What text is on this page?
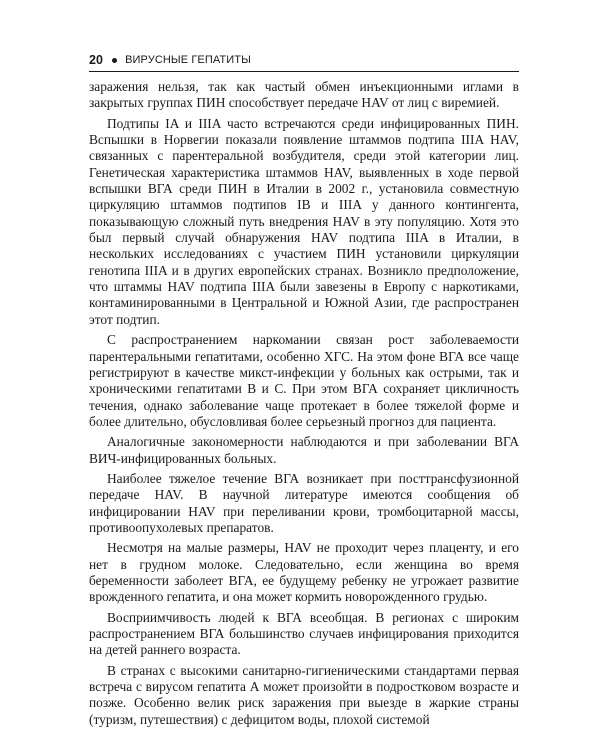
20 ВИРУСНЫЕ ГЕПАТИТЫ

заражения нельзя, так как частый обмен инъекционными иглами в закрытых группах ПИН способствует передаче HAV от лиц с виремией.

Подтипы IA и IIIA часто встречаются среди инфицированных ПИН. Вспышки в Норвегии показали появление штаммов подтипа IIIA HAV, связанных с парентеральной возбудителя, среди этой категории лиц. Генетическая характеристика штаммов HAV, выявленных в ходе первой вспышки ВГА среди ПИН в Италии в 2002 г., установила совместную циркуляцию штаммов подтипов IB и IIIA у данного контингента, показывающую сложный путь внедрения HAV в эту популяцию. Хотя это был первый случай обнаружения HAV подтипа IIIA в Италии, в нескольких исследованиях с участием ПИН установили циркуляции генотипа IIIA и в других европейских странах. Возникло предположение, что штаммы HAV подтипа IIIA были завезены в Европу с наркотиками, контаминированными в Центральной и Южной Азии, где распространен этот подтип.

С распространением наркомании связан рост заболеваемости парентеральными гепатитами, особенно ХГС. На этом фоне ВГА все чаще регистрируют в качестве микст-инфекции у больных как острыми, так и хроническими гепатитами В и С. При этом ВГА сохраняет цикличность течения, однако заболевание чаще протекает в более тяжелой форме и более длительно, обусловливая более серьезный прогноз для пациента.

Аналогичные закономерности наблюдаются и при заболевании ВГА ВИЧ-инфицированных больных.

Наиболее тяжелое течение ВГА возникает при посттрансфузионной передаче HAV. В научной литературе имеются сообщения об инфицировании HAV при переливании крови, тромбоцитарной массы, противоопухолевых препаратов.

Несмотря на малые размеры, HAV не проходит через плаценту, и его нет в грудном молоке. Следовательно, если женщина во время беременности заболеет ВГА, ее будущему ребенку не угрожает развитие врожденного гепатита, и она может кормить новорожденного грудью.

Восприимчивость людей к ВГА всеобщая. В регионах с широким распространением ВГА большинство случаев инфицирования приходится на детей раннего возраста.

В странах с высокими санитарно-гигиеническими стандартами первая встреча с вирусом гепатита А может произойти в подростковом возрасте и позже. Особенно велик риск заражения при выезде в жаркие страны (туризм, путешествия) с дефицитом воды, плохой системой
